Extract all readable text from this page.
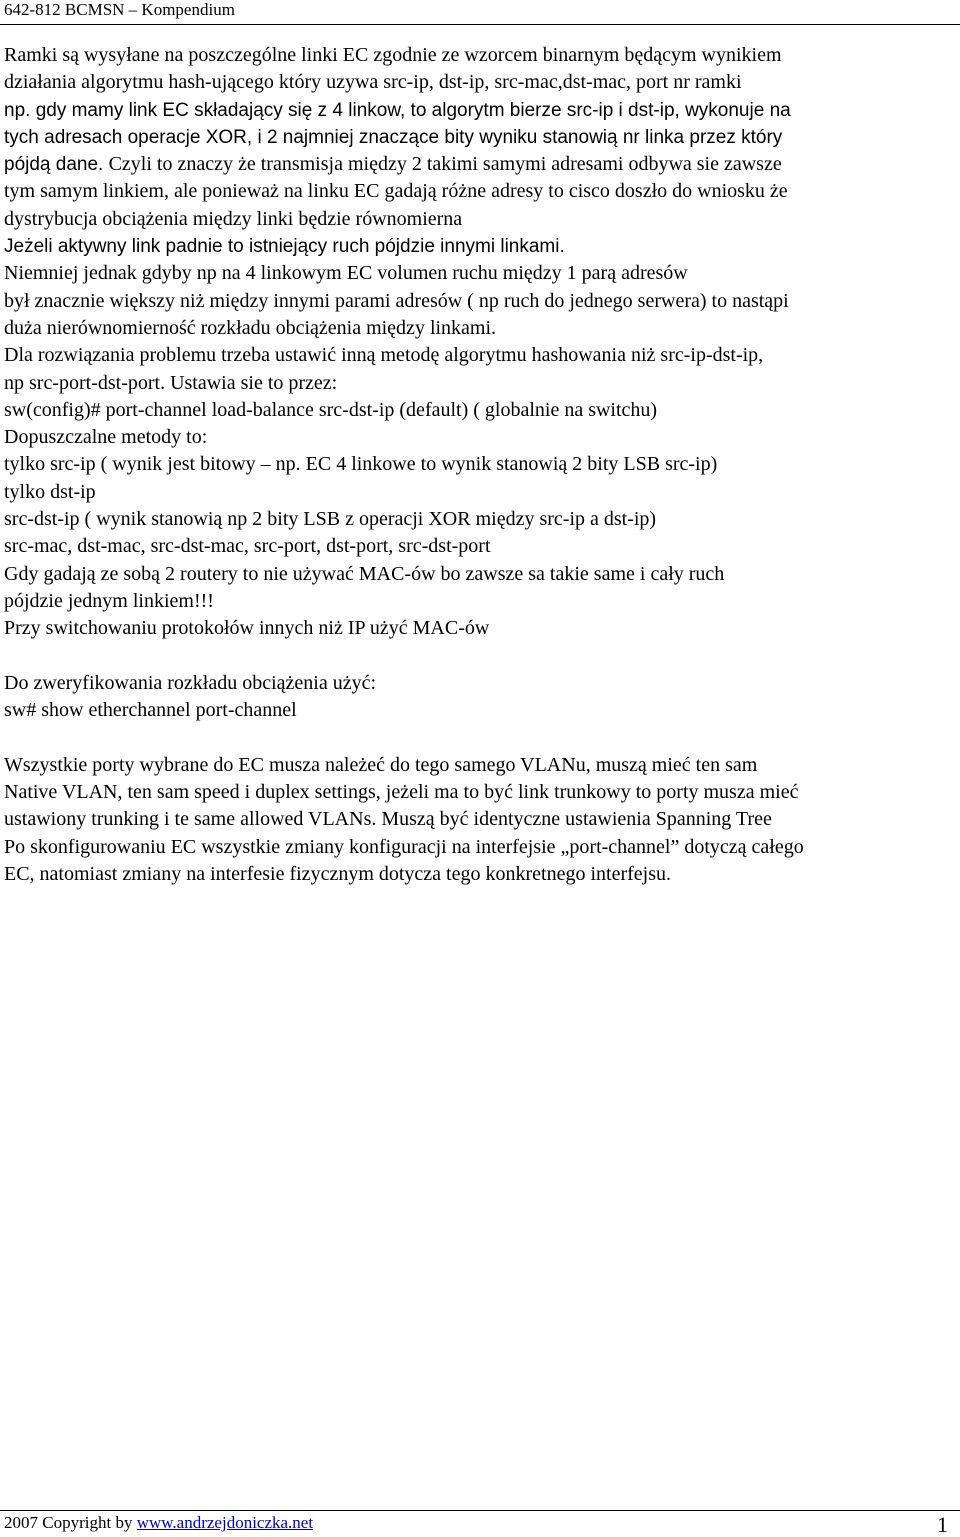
642-812 BCMSN – Kompendium
Ramki są wysyłane na poszczególne linki EC zgodnie ze wzorcem binarnym będącym wynikiem
działania algorytmu hash-ującego który uzywa src-ip, dst-ip, src-mac,dst-mac, port nr ramki
np. gdy mamy link EC składający się z 4 linkow, to algorytm bierze src-ip i dst-ip, wykonuje na
tych adresach operacje XOR, i 2 najmniej znaczące bity wyniku stanowią nr linka przez który
pójdą dane. Czyli to znaczy że transmisja między 2 takimi samymi adresami odbywa sie zawsze
tym samym linkiem, ale ponieważ na linku EC gadają różne adresy to cisco doszło do wniosku że
dystrybucja obciążenia między linki będzie równomierna
Jeżeli aktywny link padnie to istniejący ruch pójdzie innymi linkami.
Niemniej jednak gdyby np na 4 linkowym EC volumen ruchu między 1 parą adresów
był znacznie większy niż między innymi parami adresów ( np ruch do jednego serwera) to nastąpi
duża nierównomierność rozkładu obciążenia między linkami.
Dla rozwiązania problemu trzeba ustawić inną metodę algorytmu hashowania niż src-ip-dst-ip,
np src-port-dst-port. Ustawia sie to przez:
sw(config)# port-channel load-balance src-dst-ip (default) ( globalnie na switchu)
Dopuszczalne metody to:
tylko src-ip ( wynik jest bitowy – np. EC 4 linkowe to wynik stanowią 2 bity LSB src-ip)
tylko dst-ip
src-dst-ip ( wynik stanowią np 2 bity LSB z operacji XOR między src-ip a dst-ip)
src-mac, dst-mac, src-dst-mac, src-port, dst-port, src-dst-port
Gdy gadają ze sobą 2 routery to nie używać MAC-ów bo zawsze sa takie same i cały ruch
pójdzie jednym linkiem!!!
Przy switchowaniu protokołów innych niż IP użyć MAC-ów
Do zweryfikowania rozkładu obciążenia użyć:
sw# show etherchannel port-channel
Wszystkie porty wybrane do EC musza należeć do tego samego VLANu, muszą mieć ten sam
Native VLAN, ten sam speed i duplex settings, jeżeli ma to być link trunkowy to porty musza mieć
ustawiony trunking i te same allowed VLANs. Muszą być identyczne ustawienia Spanning Tree
Po skonfigurowaniu EC wszystkie zmiany konfiguracji na interfejsie „port-channel” dotyczą całego
EC, natomiast zmiany na interfesie fizycznym dotycza tego konkretnego interfejsu.
2007 Copyright by www.andrzejdoniczka.net	1
